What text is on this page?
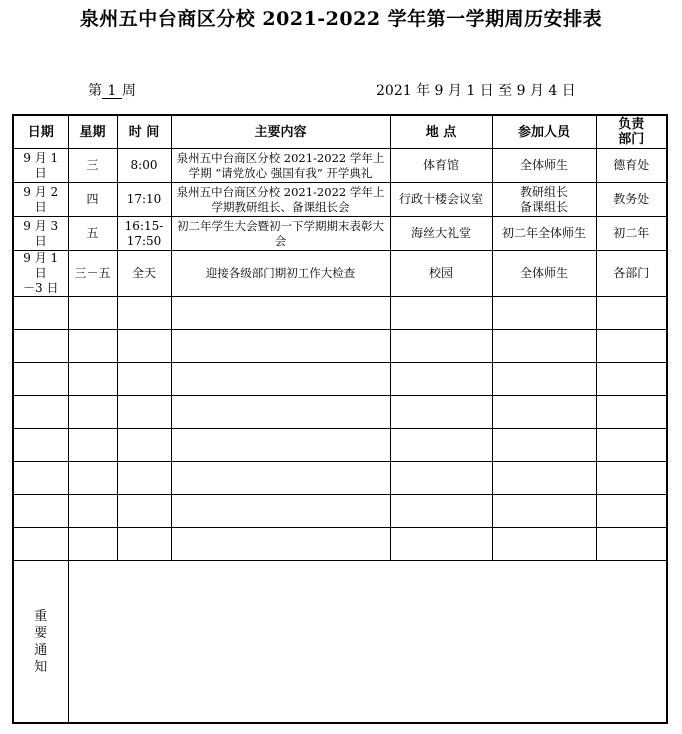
泉州五中台商区分校 2021-2022 学年第一学期周历安排表
第 1 周	2021 年 9 月 1 日 至 9 月 4 日
日期	星期	时 间	主要内容	地 点	参加人员	负责
部门

9 月 1 日	三	8:00	泉州五中台商区分校 2021-2022 学年上学期 “请党放心 强国有我” 开学典礼	体育馆	全体师生	德育处
9 月 2 日	四	17:10	泉州五中台商区分校 2021-2022 学年上学期教研组长、备课组长会	行政十楼会议室	教研组长
备课组长	教务处
9 月 3 日	五	16:15-
17:50	初二年学生大会暨初一下学期期末表彰大会	海丝大礼堂	初二年全体师生	初二年

9 月 1 日
－3 日	三－五	全天	迎接各级部门期初工作大检查	校园	全体师生	各部门

重要通知						
